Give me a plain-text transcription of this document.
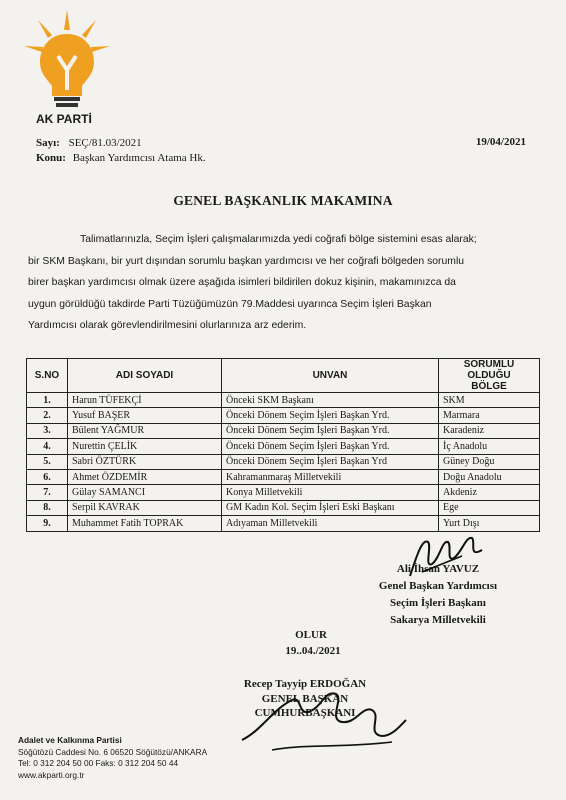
AK PARTİ
Sayı: SEÇ/81.03/2021
Konu: Başkan Yardımcısı Atama Hk.
19/04/2021
GENEL BAŞKANLIK MAKAMINA
Talimatlarınızla, Seçim İşleri çalışmalarımızda yedi coğrafi bölge sistemini esas alarak;
bir SKM Başkanı, bir yurt dışından sorumlu başkan yardımcısı ve her coğrafi bölgeden sorumlu
birer başkan yardımcısı olmak üzere aşağıda isimleri bildirilen dokuz kişinin, makamınızca da
uygun görüldüğü takdirde Parti Tüzüğümüzün 79.Maddesi uyarınca Seçim İşleri Başkan
Yardımcısı olarak görevlendirilmesini olurlarınıza arz ederim.
S.NO	ADI SOYADI	UNVAN	SORUMLU OLDUĞU
BÖLGE

1.	Harun TÜFEKÇİ	Önceki SKM Başkanı	SKM
2.	Yusuf BAŞER	Önceki Dönem Seçim İşleri Başkan Yrd.	Marmara
3.	Bülent YAĞMUR	Önceki Dönem Seçim İşleri Başkan Yrd.	Karadeniz
4.	Nurettin ÇELİK	Önceki Dönem Seçim İşleri Başkan Yrd.	İç Anadolu
5.	Sabri ÖZTÜRK	Önceki Dönem Seçim İşleri Başkan Yrd	Güney Doğu
6.	Ahmet ÖZDEMİR	Kahramanmaraş Milletvekili	Doğu Anadolu
7.	Gülay SAMANCI	Konya Milletvekili	Akdeniz
8.	Serpil KAVRAK	GM Kadın Kol. Seçim İşleri Eski Başkanı	Ege
9.	Muhammet Fatih TOPRAK	Adıyaman Milletvekili	Yurt Dışı
Ali İhsan YAVUZ
Genel Başkan Yardımcısı
Seçim İşleri Başkanı
Sakarya Milletvekili
OLUR
19..04./2021
Recep Tayyip ERDOĞAN
GENEL BAŞKAN
CUMHURBAŞKANI
Adalet ve Kalkınma Partisi
Söğütözü Caddesi No. 6 06520 Söğütözü/ANKARA
Tel: 0 312 204 50 00 Faks: 0 312 204 50 44
www.akparti.org.tr
